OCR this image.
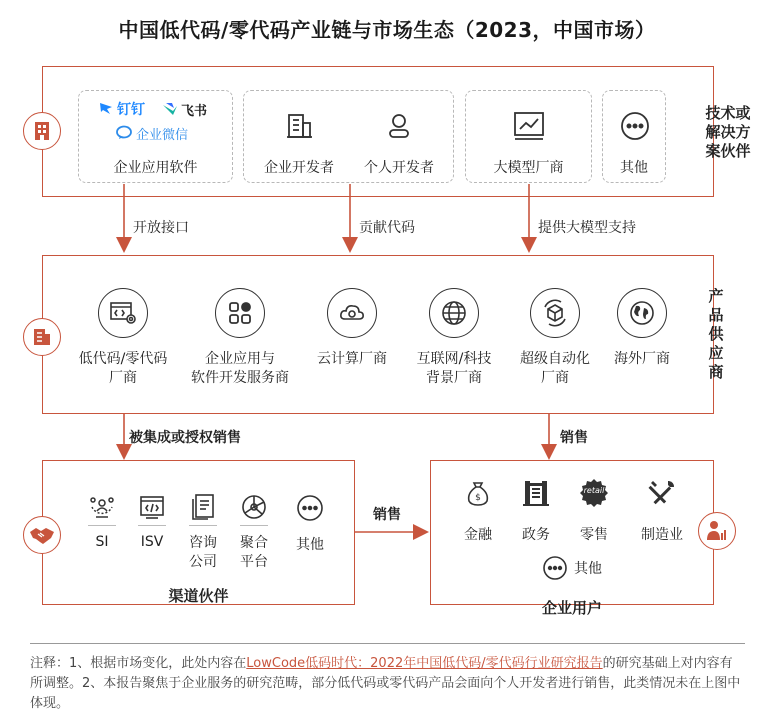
中国低代码/零代码产业链与市场生态（2023，中国市场）
技术或
解决方
案伙伴
钉钉	飞书
企业微信
企业应用软件	企业开发者	个人开发者	大模型厂商	其他
开放接口	贡献代码	提供大模型支持
产
品
供
应
商
低代码/零代码
厂商
企业应用与
软件开发服务商
云计算厂商	互联网/科技
背景厂商
超级自动化
厂商
海外厂商
被集成或授权销售	销售
SI	ISV	咨询
公司
聚合
平台
其他
渠道伙伴
销售
$
retail
金融	政务	零售	制造业
其他
企业用户
注释：1、根据市场变化，此处内容在LowCode低码时代：2022年中国低代码/零代码行业研究报告的研究基础上对内容有所调整。2、本报告聚焦于企业服务的研究范畴，部分低代码或零代码产品会面向个人开发者进行销售，此类情况未在上图中体现。
